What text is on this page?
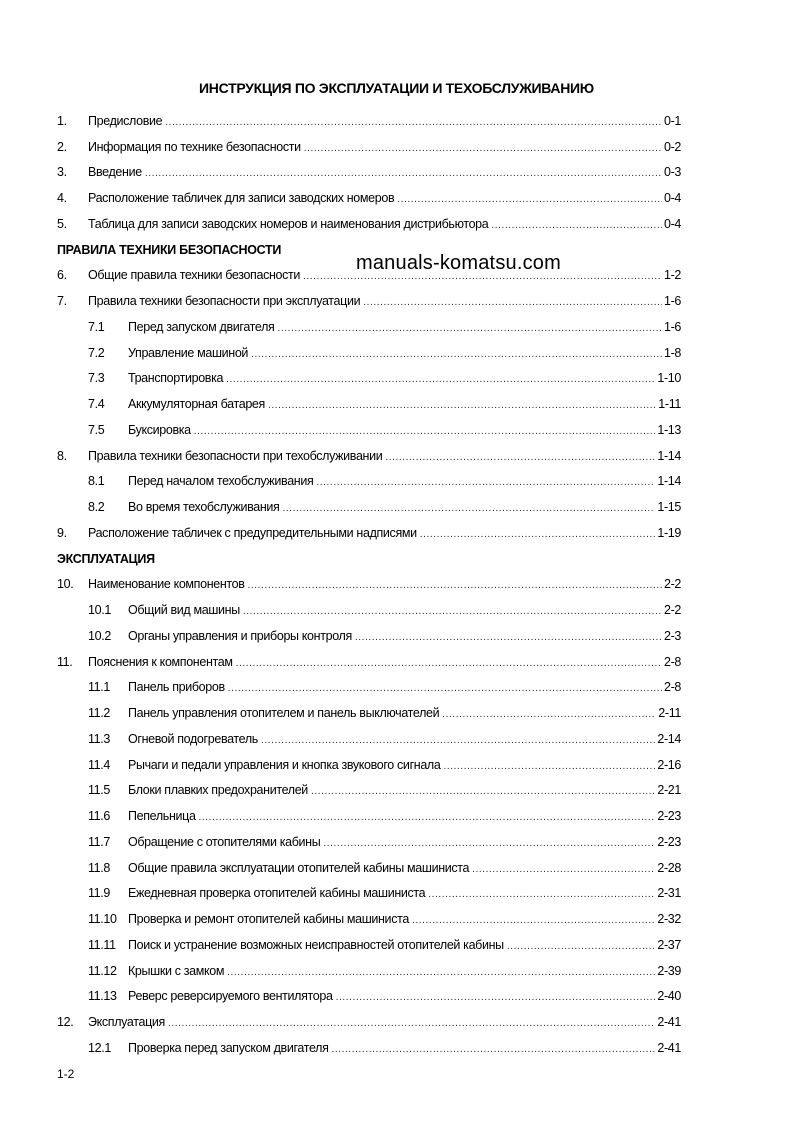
ИНСТРУКЦИЯ ПО ЭКСПЛУАТАЦИИ И ТЕХОБСЛУЖИВАНИЮ
1.	Предисловие .....	0-1
2.	Информация по технике безопасности .....	0-2
3.	Введение .....	0-3
4.	Расположение табличек для записи заводских номеров .....	0-4
5.	Таблица для записи заводских номеров и наименования дистрибьютора .....	0-4
ПРАВИЛА ТЕХНИКИ БЕЗОПАСНОСТИ
6.	Общие правила техники безопасности .....	1-2
7.	Правила техники безопасности при эксплуатации .....	1-6
7.1	Перед запуском двигателя .....	1-6
7.2	Управление машиной .....	1-8
7.3	Транспортировка .....	1-10
7.4	Аккумуляторная батарея .....	1-11
7.5	Буксировка .....	1-13
8.	Правила техники безопасности при техобслуживании .....	1-14
8.1	Перед началом техобслуживания .....	1-14
8.2	Во время техобслуживания .....	1-15
9.	Расположение табличек с предупредительными надписями .....	1-19
ЭКСПЛУАТАЦИЯ
10.	Наименование компонентов .....	2-2
10.1	Общий вид машины .....	2-2
10.2	Органы управления и приборы контроля .....	2-3
11.	Пояснения к компонентам .....	2-8
11.1	Панель приборов .....	2-8
11.2	Панель управления отопителем и панель выключателей .....	2-11
11.3	Огневой подогреватель .....	2-14
11.4	Рычаги и педали управления и кнопка звукового сигнала .....	2-16
11.5	Блоки плавких предохранителей .....	2-21
11.6	Пепельница .....	2-23
11.7	Обращение с отопителями кабины .....	2-23
11.8	Общие правила эксплуатации отопителей кабины машиниста .....	2-28
11.9	Ежедневная проверка отопителей кабины машиниста .....	2-31
11.10 Проверка и ремонт отопителей кабины машиниста .....	2-32
11.11 Поиск и устранение возможных неисправностей отопителей кабины .....	2-37
11.12 Крышки с замком .....	2-39
11.13 Реверс реверсируемого вентилятора .....	2-40
12.	Эксплуатация .....	2-41
12.1	Проверка перед запуском двигателя .....	2-41
manuals-komatsu.com
1-2
